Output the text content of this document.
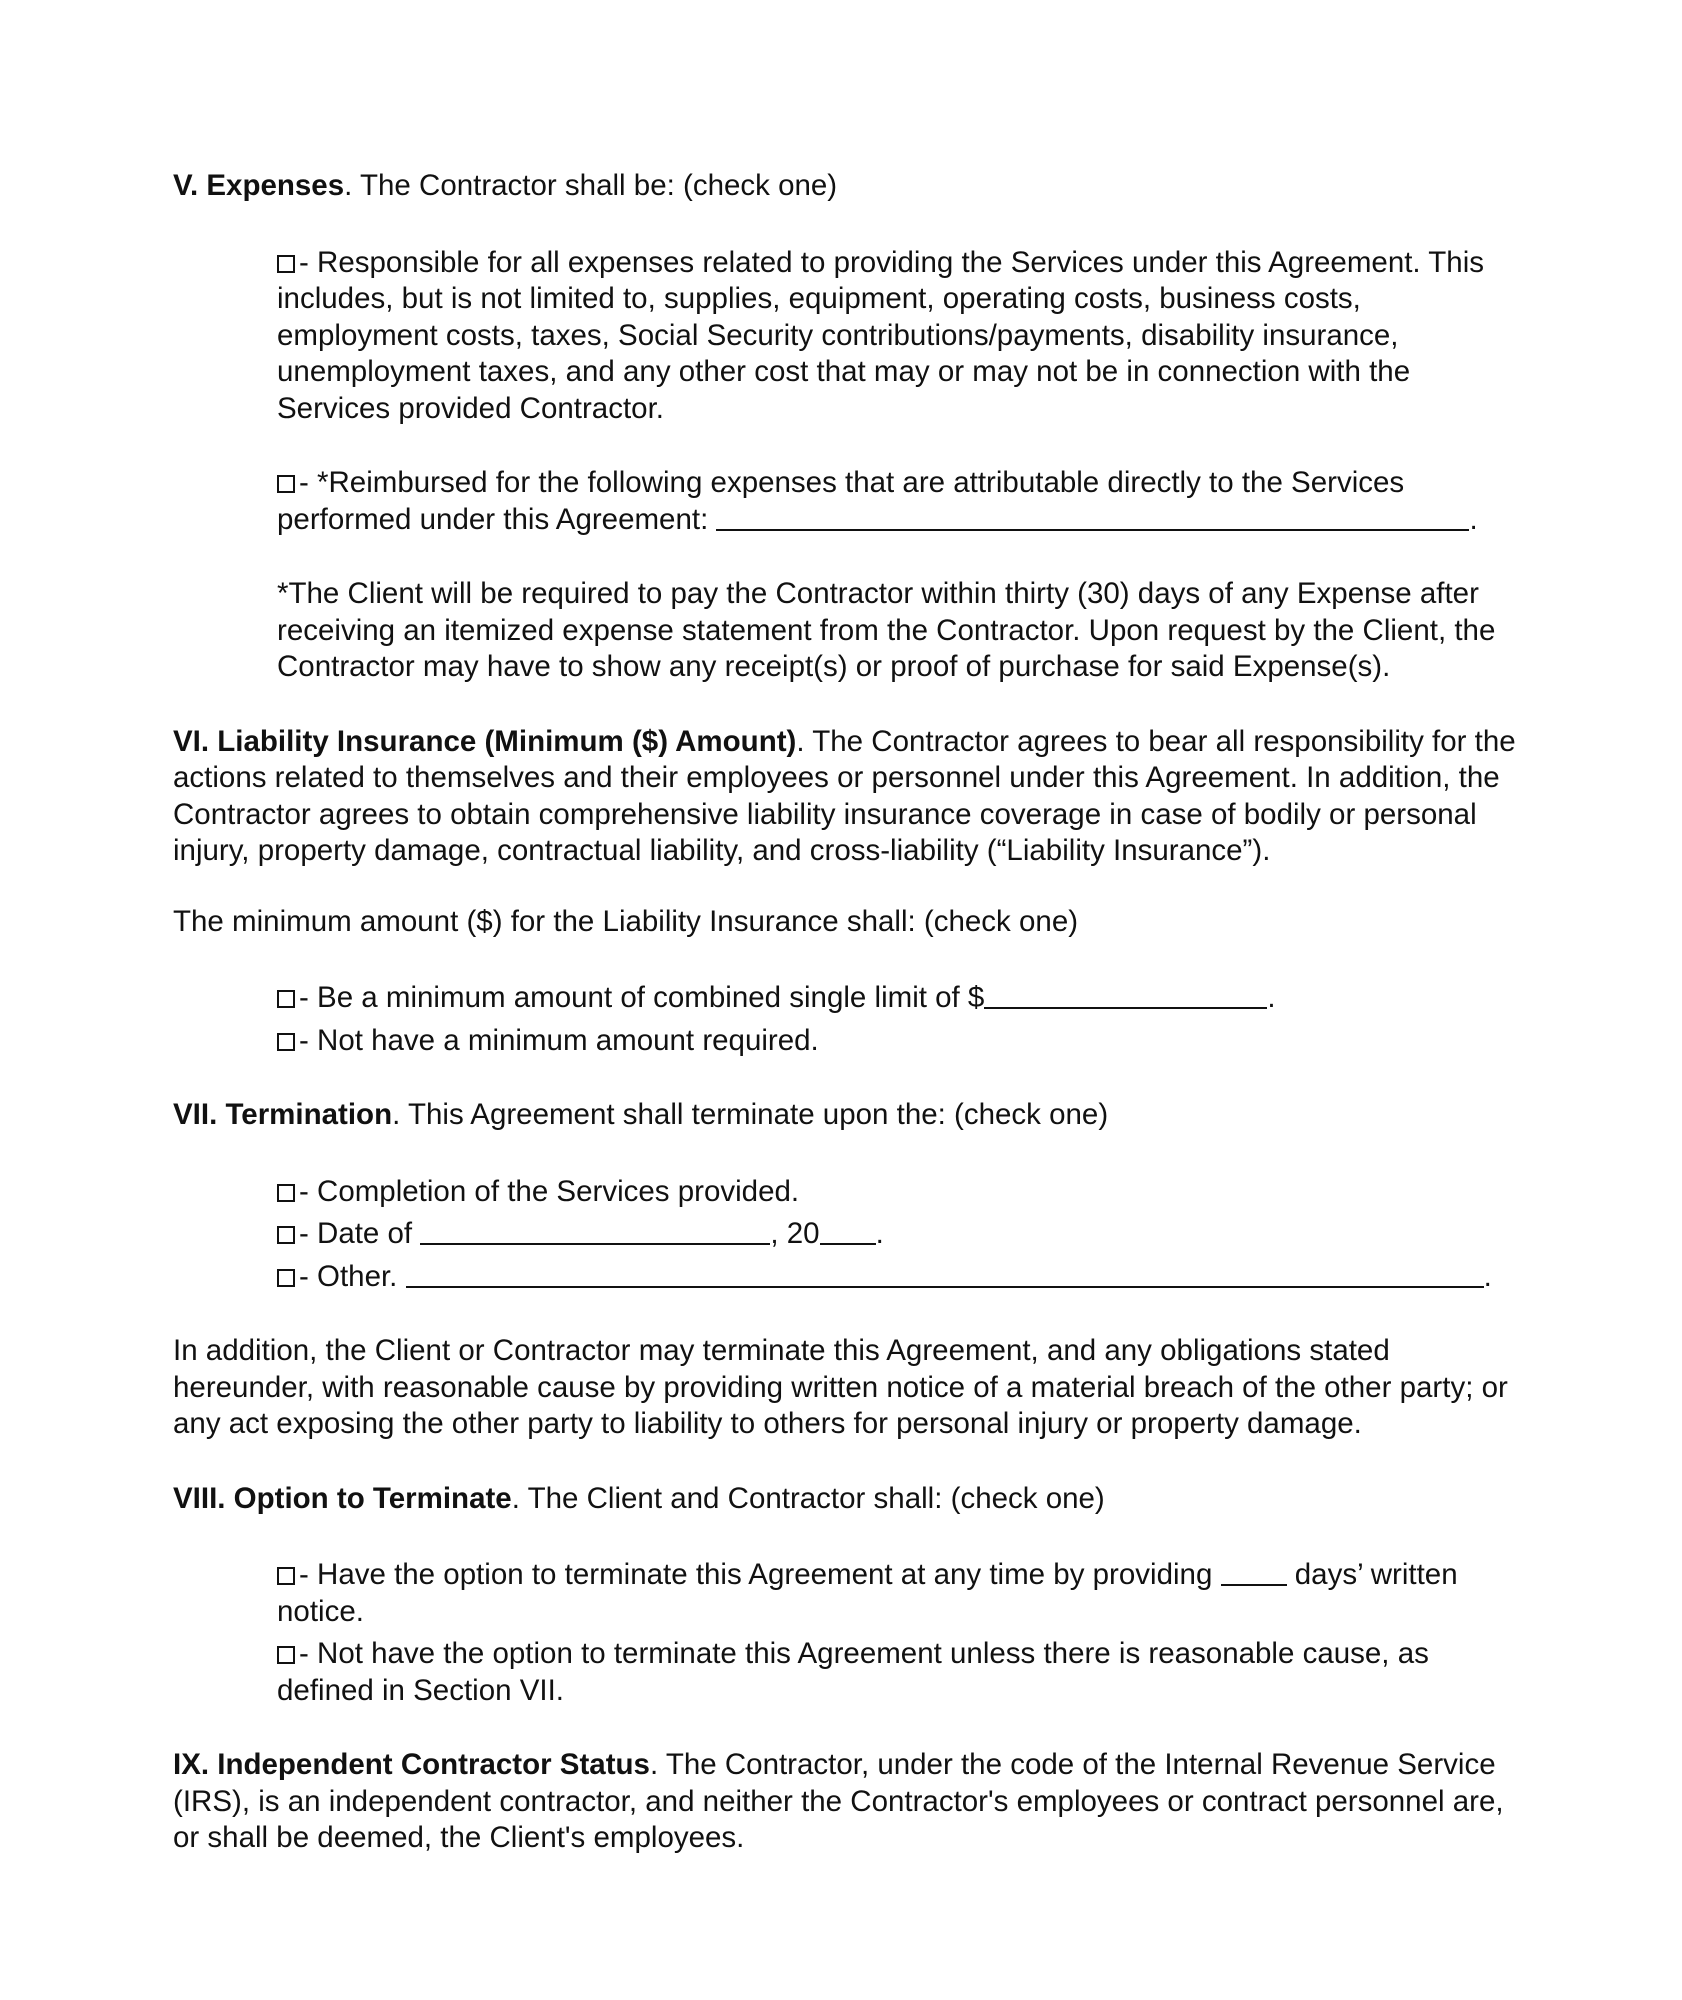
V. Expenses. The Contractor shall be: (check one)

- Responsible for all expenses related to providing the Services under this Agreement. This includes, but is not limited to, supplies, equipment, operating costs, business costs, employment costs, taxes, Social Security contributions/payments, disability insurance, unemployment taxes, and any other cost that may or may not be in connection with the Services provided Contractor.

- *Reimbursed for the following expenses that are attributable directly to the Services performed under this Agreement:	.

*The Client will be required to pay the Contractor within thirty (30) days of any Expense after receiving an itemized expense statement from the Contractor. Upon request by the Client, the Contractor may have to show any receipt(s) or proof of purchase for said Expense(s).

VI. Liability Insurance (Minimum ($) Amount). The Contractor agrees to bear all responsibility for the actions related to themselves and their employees or personnel under this Agreement. In addition, the Contractor agrees to obtain comprehensive liability insurance coverage in case of bodily or personal injury, property damage, contractual liability, and cross-liability (“Liability Insurance”).

The minimum amount ($) for the Liability Insurance shall: (check one)

- Be a minimum amount of combined single limit of $	.

- Not have a minimum amount required.

VII. Termination. This Agreement shall terminate upon the: (check one)

- Completion of the Services provided.

- Date of	, 20 .

- Other.	.

In addition, the Client or Contractor may terminate this Agreement, and any obligations stated hereunder, with reasonable cause by providing written notice of a material breach of the other party; or any act exposing the other party to liability to others for personal injury or property damage.

VIII. Option to Terminate. The Client and Contractor shall: (check one)

- Have the option to terminate this Agreement at any time by providing	days’ written notice.

- Not have the option to terminate this Agreement unless there is reasonable cause, as defined in Section VII.

IX. Independent Contractor Status. The Contractor, under the code of the Internal Revenue Service (IRS), is an independent contractor, and neither the Contractor's employees or contract personnel are, or shall be deemed, the Client's employees.
